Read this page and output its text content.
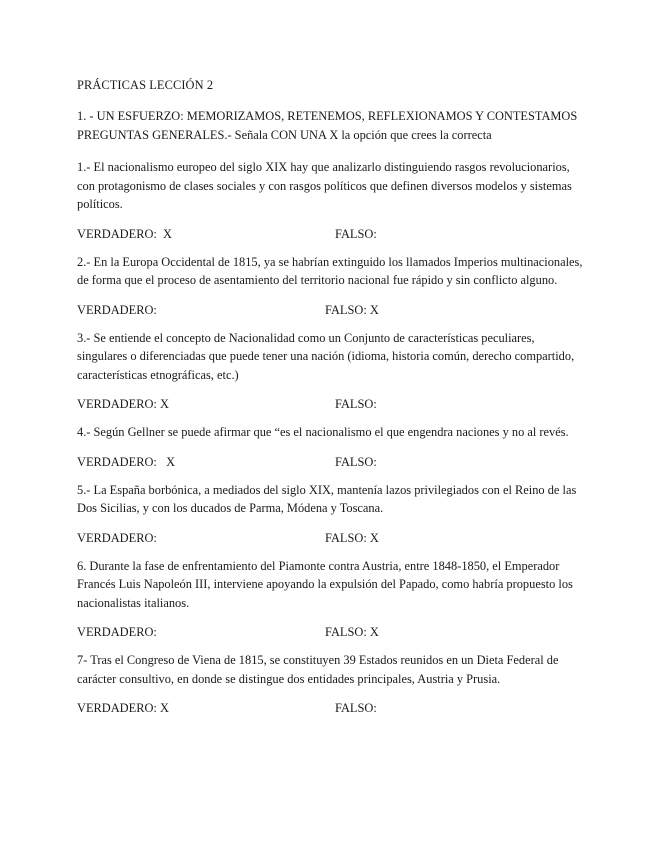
PRÁCTICAS LECCIÓN 2
1. - UN ESFUERZO: MEMORIZAMOS, RETENEMOS, REFLEXIONAMOS Y CONTESTAMOS PREGUNTAS GENERALES.- Señala CON UNA X la opción que crees la correcta
1.- El nacionalismo europeo del siglo XIX hay que analizarlo distinguiendo rasgos revolucionarios, con protagonismo de clases sociales y con rasgos políticos que definen diversos modelos y sistemas políticos.
VERDADERO:  X	FALSO:
2.- En la Europa Occidental de 1815, ya se habrían extinguido los llamados Imperios multinacionales, de forma que el proceso de asentamiento del territorio nacional fue rápido y sin conflicto alguno.
VERDADERO:	FALSO: X
3.- Se entiende el concepto de Nacionalidad como un Conjunto de características peculiares, singulares o diferenciadas que puede tener una nación (idioma, historia común, derecho compartido, características etnográficas, etc.)
VERDADERO: X	FALSO:
4.- Según Gellner se puede afirmar que “es el nacionalismo el que engendra naciones y no al revés.
VERDADERO:   X	FALSO:
5.- La España borbónica, a mediados del siglo XIX, mantenía lazos privilegiados con el Reino de las Dos Sicilias, y con los ducados de Parma, Módena y Toscana.
VERDADERO:	FALSO: X
6. Durante la fase de enfrentamiento del Piamonte contra Austria, entre 1848-1850, el Emperador Francés Luis Napoleón III, interviene apoyando la expulsión del Papado, como habría propuesto los nacionalistas italianos.
VERDADERO:	FALSO: X
7- Tras el Congreso de Viena de 1815, se constituyen 39 Estados reunidos en un Dieta Federal de carácter consultivo, en donde se distingue dos entidades principales, Austria y Prusia.
VERDADERO: X	FALSO:
